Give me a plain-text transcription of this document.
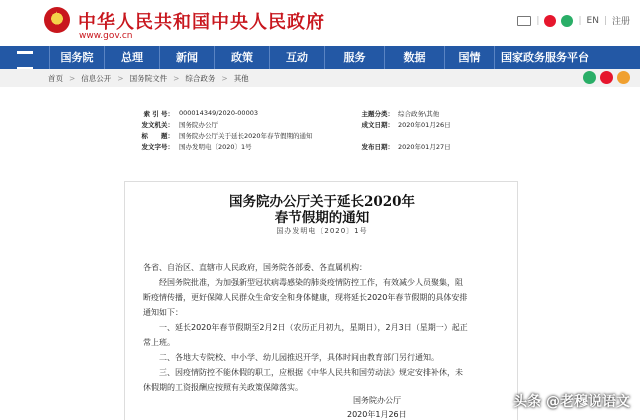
★
中华人民共和国中央人民政府
www.gov.cn
|	| EN | 注册
国务院	总理	新闻	政策	互动	服务	数据	国情	国家政务服务平台
首页 > 信息公开 > 国务院文件 > 综合政务 > 其他
索 引 号： 000014349/2020-00003	主题分类： 综合政务\其他
发文机关： 国务院办公厅	成文日期： 2020年01月26日
标　　题： 国务院办公厅关于延长2020年春节假期的通知
发文字号： 国办发明电〔2020〕1号	发布日期： 2020年01月27日
国务院办公厅关于延长2020年
春节假期的通知
国办发明电〔2020〕1号
各省、自治区、直辖市人民政府，国务院各部委、各直属机构：
经国务院批准，为加强新型冠状病毒感染的肺炎疫情防控工作，有效减少人员聚集，阻
断疫情传播，更好保障人民群众生命安全和身体健康，现将延长2020年春节假期的具体安排
通知如下：
一、延长2020年春节假期至2月2日（农历正月初九，星期日），2月3日（星期一）起正
常上班。
二、各地大专院校、中小学、幼儿园推迟开学，具体时间由教育部门另行通知。
三、因疫情防控不能休假的职工，应根据《中华人民共和国劳动法》规定安排补休，未
休假期的工资报酬应按照有关政策保障落实。
国务院办公厅
2020年1月26日
头条 @老穆说语文
